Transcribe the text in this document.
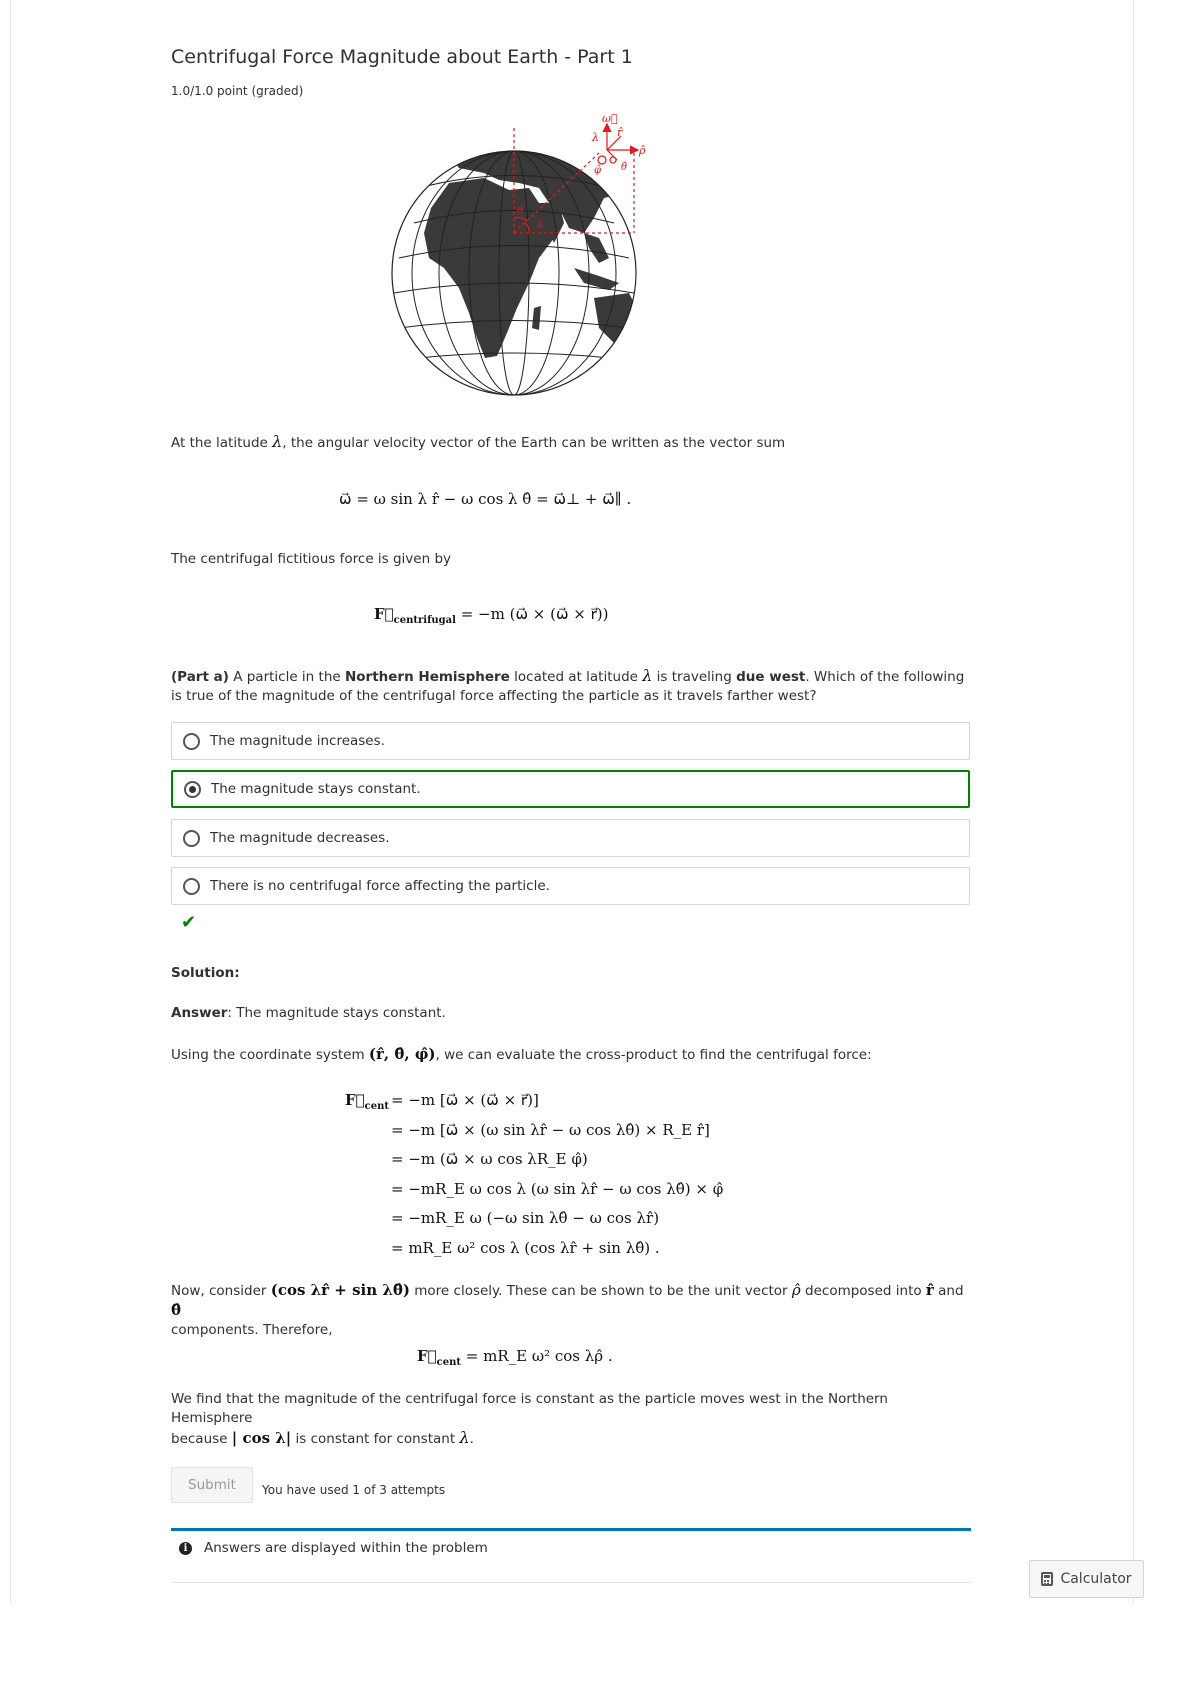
Centrifugal Force Magnitude about Earth - Part 1
1.0/1.0 point (graded)
ω⃗
λ r̂
ρ̂
φ̂ θ̂
θ
λ
At the latitude λ, the angular velocity vector of the Earth can be written as the vector sum
ω⃗ = ω sin λ r̂ − ω cos λ θ̂ = ω⃗⊥ + ω⃗∥ .
The centrifugal fictitious force is given by
$F⃗_{centrifugal} = -m$ (ω⃗ × (ω⃗ × r⃗))
(Part a) A particle in the Northern Hemisphere located at latitude λ is traveling due west. Which of the following is true of the magnitude of the centrifugal force affecting the particle as it travels farther west?
The magnitude increases.
The magnitude stays constant.
The magnitude decreases.
There is no centrifugal force affecting the particle.
✔
Solution:
Answer: The magnitude stays constant.
Using the coordinate system (r̂, θ̂, φ̂), we can evaluate the cross-product to find the centrifugal force:
$F⃗_{cent} = -m$ [ω⃗ × (ω⃗ × r⃗)]
= −m [ω⃗ × (ω sin λr̂ − ω cos λθ̂) × R_E r̂]
= −m (ω⃗ × ω cos λR_E φ̂)
= −mR_E ω cos λ (ω sin λr̂ − ω cos λθ̂) × φ̂
= −mR_E ω (−ω sin λθ̂ − ω cos λr̂)
= mR_E ω² cos λ (cos λr̂ + sin λθ̂) .
Now, consider (cos λr̂ + sin λθ̂) more closely. These can be shown to be the unit vector ρ̂ decomposed into r̂ and θ̂
components. Therefore,
$F⃗_{cent}$ = mR_E ω² cos λρ̂ .
We find that the magnitude of the centrifugal force is constant as the particle moves west in the Northern Hemisphere
because | cos λ| is constant for constant λ.
Submit	You have used 1 of 3 attempts
i	Answers are displayed within the problem
Calculator
